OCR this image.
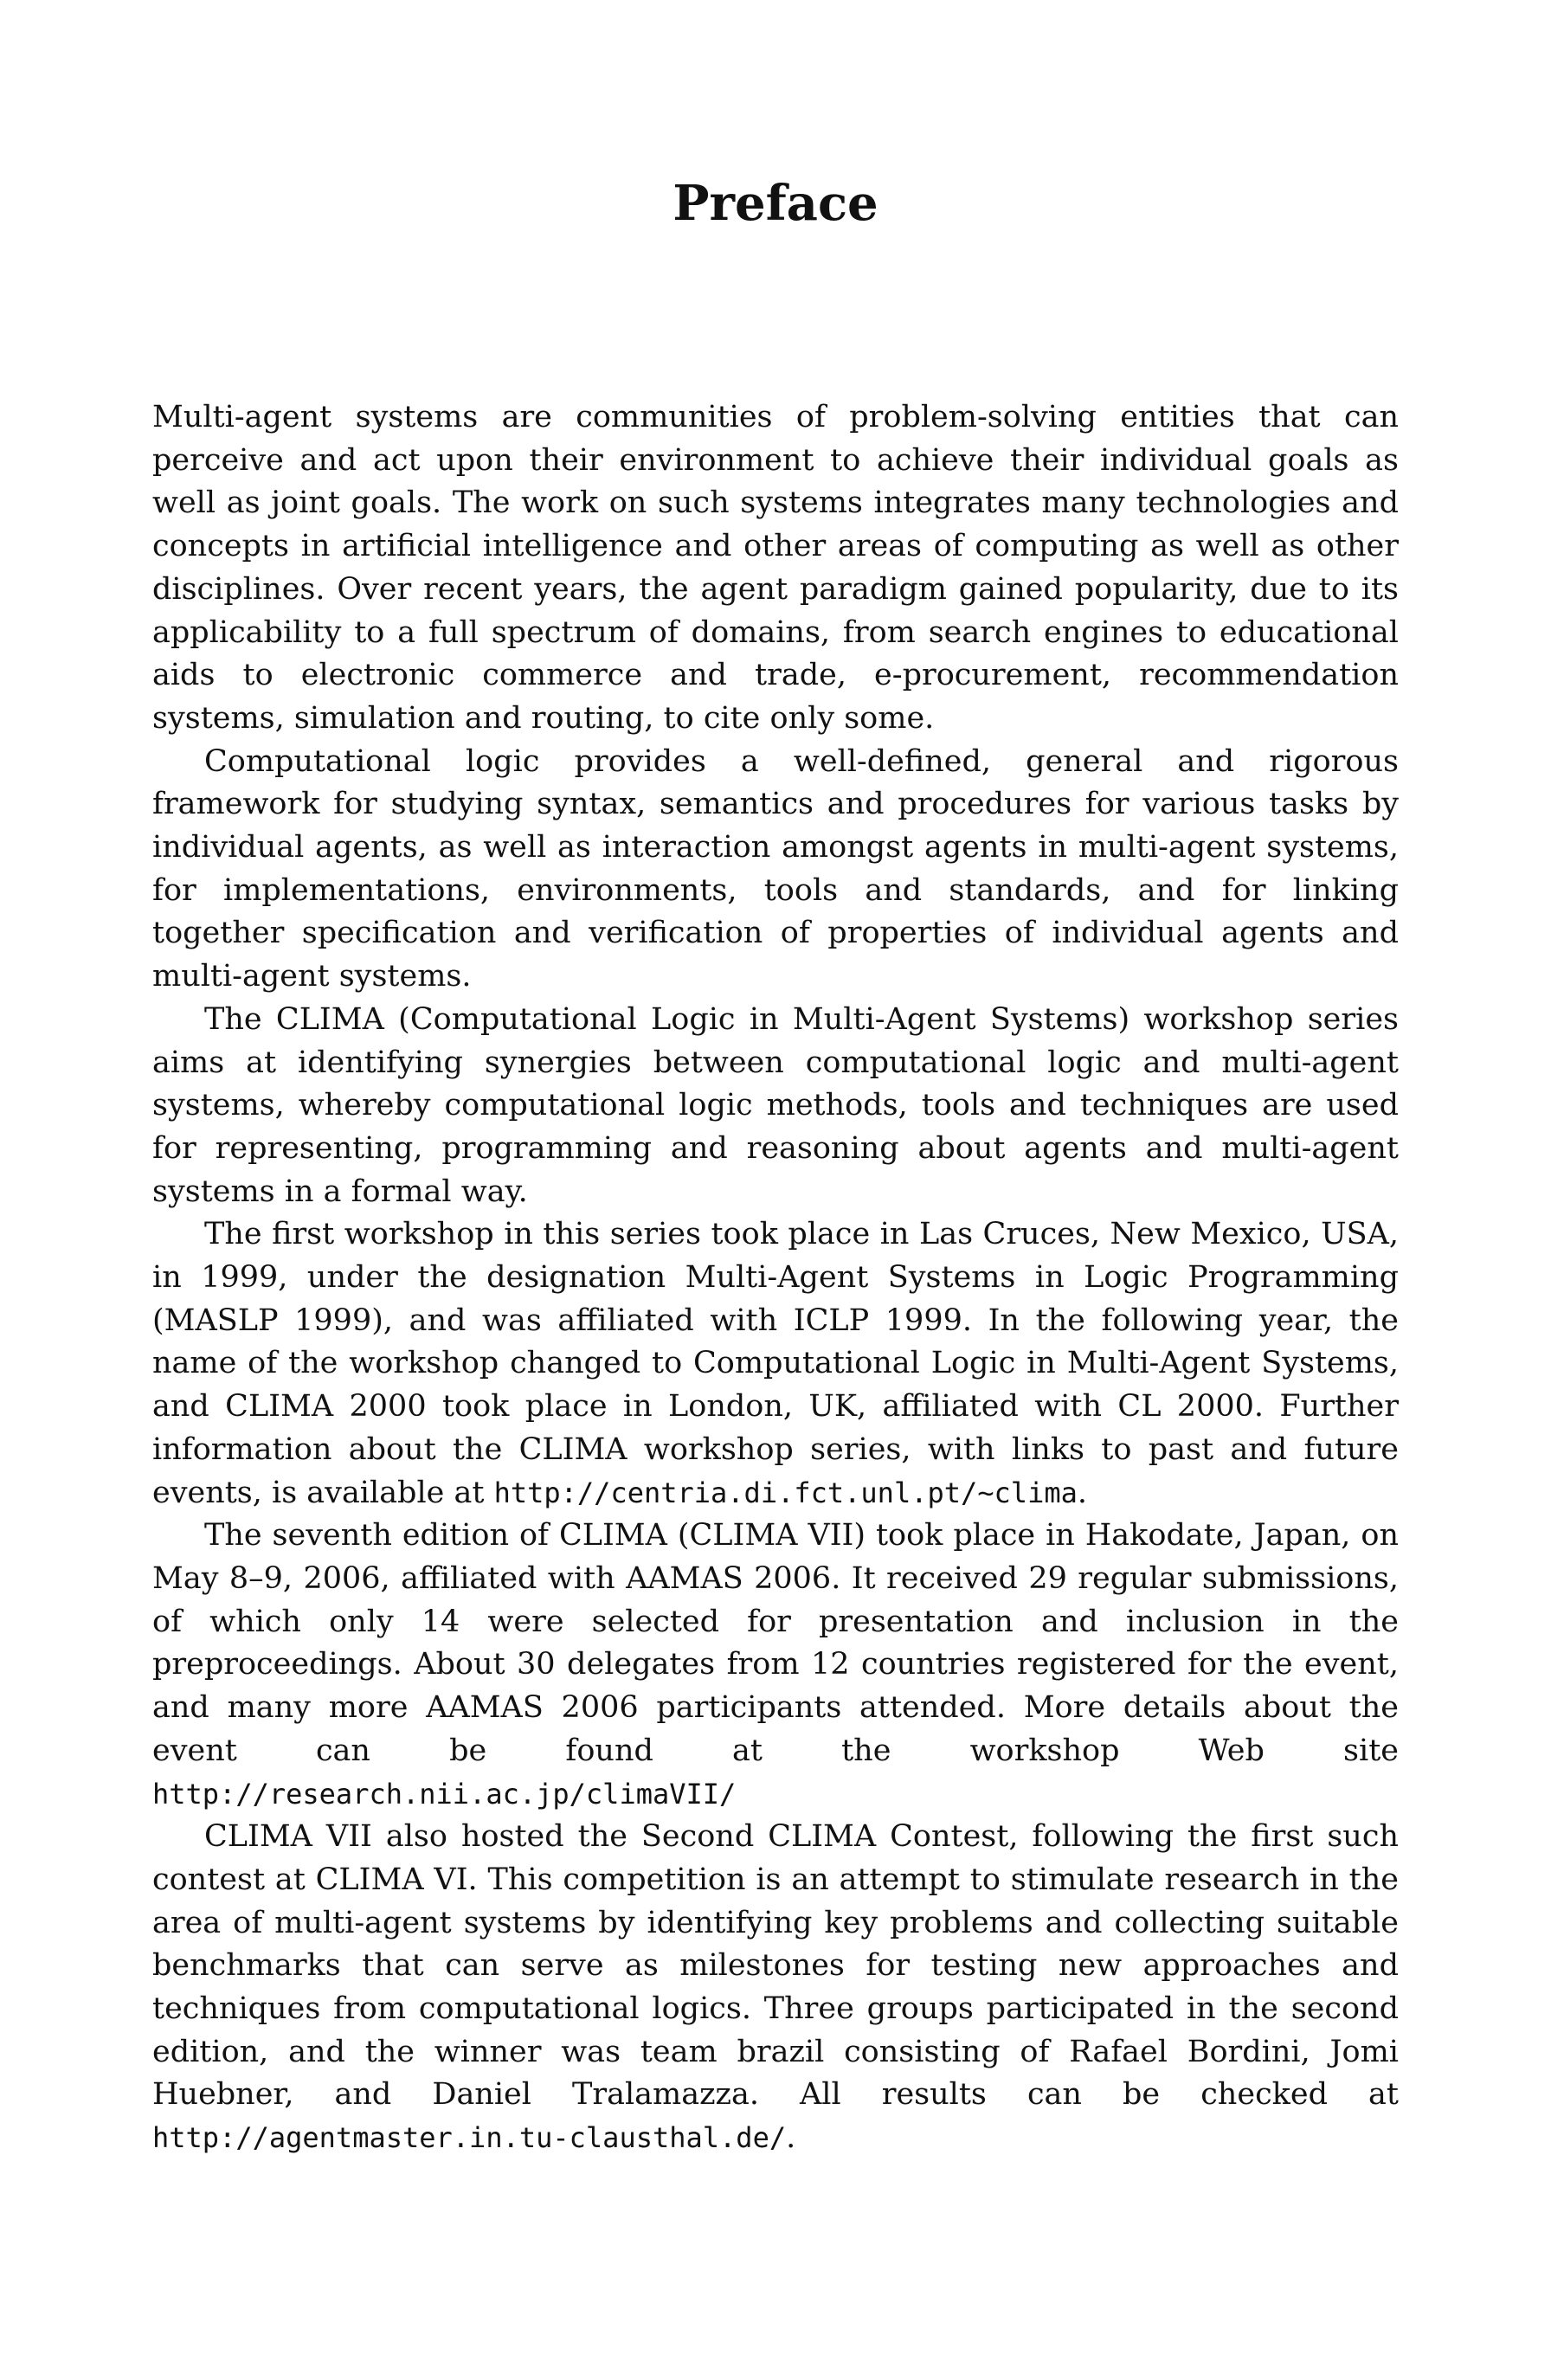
Preface

Multi-agent systems are communities of problem-solving entities that can perceive and act upon their environment to achieve their individual goals as well as joint goals. The work on such systems integrates many technologies and concepts in artificial intelligence and other areas of computing as well as other disciplines. Over recent years, the agent paradigm gained popularity, due to its applicability to a full spectrum of domains, from search engines to educational aids to electronic commerce and trade, e-procurement, recommendation systems, simulation and routing, to cite only some.

Computational logic provides a well-defined, general and rigorous framework for studying syntax, semantics and procedures for various tasks by individual agents, as well as interaction amongst agents in multi-agent systems, for implementations, environments, tools and standards, and for linking together specification and verification of properties of individual agents and multi-agent systems.

The CLIMA (Computational Logic in Multi-Agent Systems) workshop series aims at identifying synergies between computational logic and multi-agent systems, whereby computational logic methods, tools and techniques are used for representing, programming and reasoning about agents and multi-agent systems in a formal way.

The first workshop in this series took place in Las Cruces, New Mexico, USA, in 1999, under the designation Multi-Agent Systems in Logic Programming (MASLP 1999), and was affiliated with ICLP 1999. In the following year, the name of the workshop changed to Computational Logic in Multi-Agent Systems, and CLIMA 2000 took place in London, UK, affiliated with CL 2000. Further information about the CLIMA workshop series, with links to past and future events, is available at http://centria.di.fct.unl.pt/∼clima.

The seventh edition of CLIMA (CLIMA VII) took place in Hakodate, Japan, on May 8–9, 2006, affiliated with AAMAS 2006. It received 29 regular submissions, of which only 14 were selected for presentation and inclusion in the preproceedings. About 30 delegates from 12 countries registered for the event, and many more AAMAS 2006 participants attended. More details about the event can be found at the workshop Web site http://research.nii.ac.jp/climaVII/

CLIMA VII also hosted the Second CLIMA Contest, following the first such contest at CLIMA VI. This competition is an attempt to stimulate research in the area of multi-agent systems by identifying key problems and collecting suitable benchmarks that can serve as milestones for testing new approaches and techniques from computational logics. Three groups participated in the second edition, and the winner was team brazil consisting of Rafael Bordini, Jomi Huebner, and Daniel Tralamazza. All results can be checked at http://agentmaster.in.tu-clausthal.de/.
